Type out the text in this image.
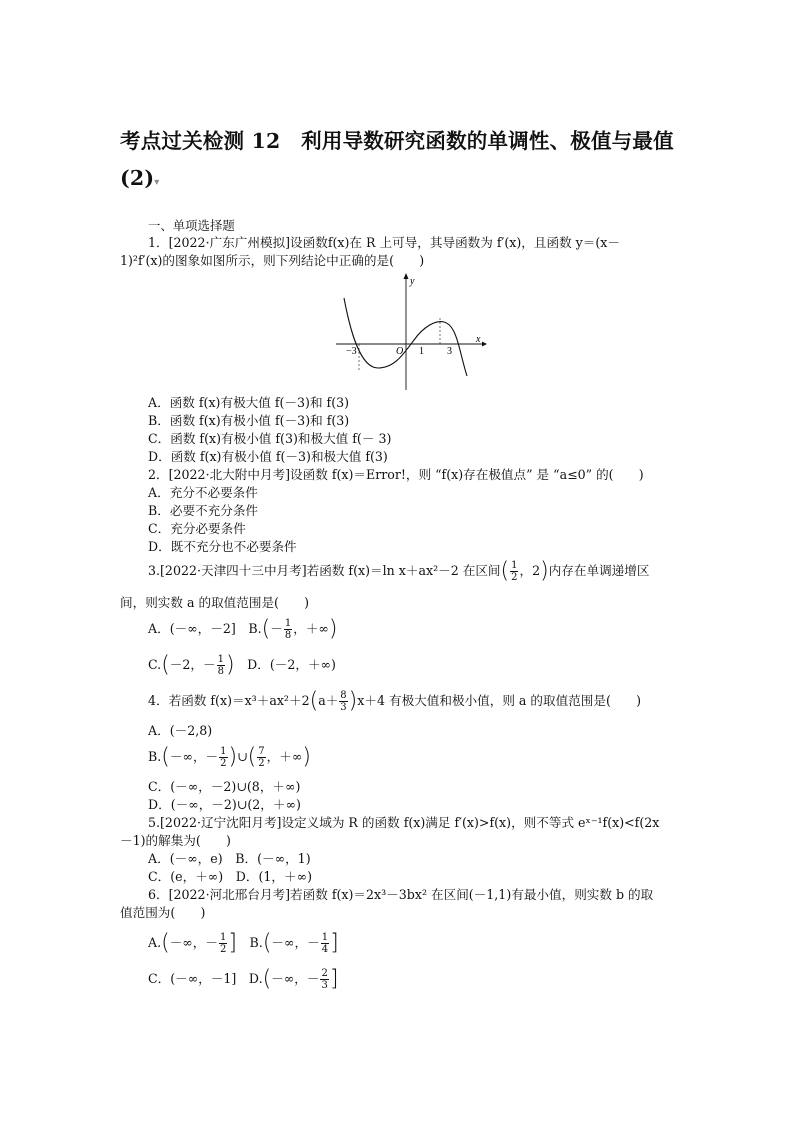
考点过关检测 12　利用导数研究函数的单调性、极值与最值
(2)▾
一、单项选择题
1．[2022·广东广州模拟]设函数f(x)在 R 上可导，其导函数为 f′(x)，且函数 y＝(x－
1)²f′(x)的图象如图所示，则下列结论中正确的是(　　)
y
x
O
−3	1 3
A．函数 f(x)有极大值 f(－3)和 f(3)
B．函数 f(x)有极小值 f(－3)和 f(3)
C．函数 f(x)有极小值 f(3)和极大值 f(－ 3)
D．函数 f(x)有极小值 f(－3)和极大值 f(3)
2．[2022·北大附中月考]设函数 f(x)＝Error!，则 “f(x)存在极值点” 是 “a≤0” 的(　　)
A．充分不必要条件
B．必要不充分条件
C．充分必要条件
D．既不充分也不必要条件
3.[2022·天津四十三中月考]若函数 f(x)＝ln x＋ax²－2 在区间( $\frac{1}{2}$ ，2)内存在单调递增区
间，则实数 a 的取值范围是(　　)
A．(－∞，－2]　$B.(- \frac{1}{8}$ ，＋∞)
C.(－2，－ $\frac{1}{8}$ )　D．(－2，＋∞)
4．若函数 $f(x)=x^3+ax^2+2(a+ \frac{8}{3} )x+4$ 有极大值和极小值，则 a 的取值范围是(　　)
A．(－2,8)
B.(－∞，－ $\frac{1}{2}$ )∪( $\frac{7}{2}$ ，＋∞)
C．(－∞，－2)∪(8，＋∞)
D．(－∞，－2)∪(2，＋∞)
5.[2022·辽宁沈阳月考]设定义域为 R 的函数 f(x)满足 f′(x)>f(x)，则不等式 eˣ⁻¹f(x)<f(2x
－1)的解集为(　　)
A．(－∞，e)　B．(－∞，1)
C．(e，＋∞)　D．(1，＋∞)
6．[2022·河北邢台月考]若函数 f(x)＝2x³－3bx² 在区间(－1,1)有最小值，则实数 b 的取
值范围为(　　)
A.(－∞，－ $\frac{1}{2}$ ]　B.(－∞，－ $\frac{1}{4}$ ]
C．(－∞，－1]　D.(－∞，－ $\frac{2}{3}$ ]
